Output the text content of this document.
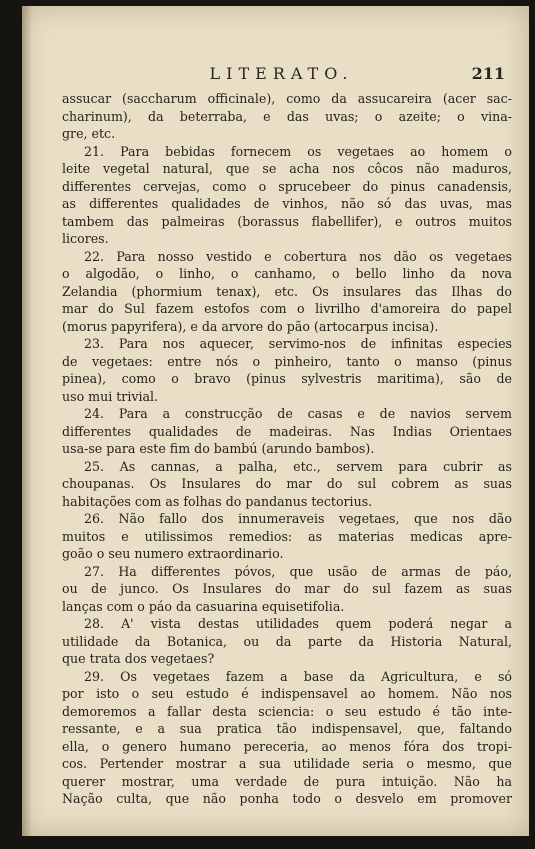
LITERATO.	211
assucar (saccharum officinale), como da assucareira (acer sac-
charinum), da beterraba, e das uvas; o azeite; o vina-
gre, etc.
21. Para bebidas fornecem os vegetaes ao homem o
leite vegetal natural, que se acha nos côcos não maduros,
differentes cervejas, como o sprucebeer do pinus canadensis,
as differentes qualidades de vinhos, não só das uvas, mas
tambem das palmeiras (borassus flabellifer), e outros muitos
licores.
22. Para nosso vestido e cobertura nos dão os vegetaes
o algodão, o linho, o canhamo, o bello linho da nova
Zelandia (phormium tenax), etc. Os insulares das Ilhas do
mar do Sul fazem estofos com o livrilho d'amoreira do papel
(morus papyrifera), e da arvore do pão (artocarpus incisa).
23. Para nos aquecer, servimo-nos de infinitas especies
de vegetaes: entre nós o pinheiro, tanto o manso (pinus
pinea), como o bravo (pinus sylvestris maritima), são de
uso mui trivial.
24. Para a construcção de casas e de navios servem
differentes qualidades de madeiras. Nas Indias Orientaes
usa-se para este fim do bambú (arundo bambos).
25. As cannas, a palha, etc., servem para cubrir as
choupanas. Os Insulares do mar do sul cobrem as suas
habitações com as folhas do pandanus tectorius.
26. Não fallo dos innumeraveis vegetaes, que nos dão
muitos e utilissimos remedios: as materias medicas apre-
goão o seu numero extraordinario.
27. Ha differentes póvos, que usão de armas de páo,
ou de junco. Os Insulares do mar do sul fazem as suas
lanças com o páo da casuarina equisetifolia.
28. A' vista destas utilidades quem poderá negar a
utilidade da Botanica, ou da parte da Historia Natural,
que trata dos vegetaes?
29. Os vegetaes fazem a base da Agricultura, e só
por isto o seu estudo é indispensavel ao homem. Não nos
demoremos a fallar desta sciencia: o seu estudo é tão inte-
ressante, e a sua pratica tão indispensavel, que, faltando
ella, o genero humano pereceria, ao menos fóra dos tropi-
cos. Pertender mostrar a sua utilidade seria o mesmo, que
querer mostrar, uma verdade de pura intuição. Não ha
Nação culta, que não ponha todo o desvelo em promover
